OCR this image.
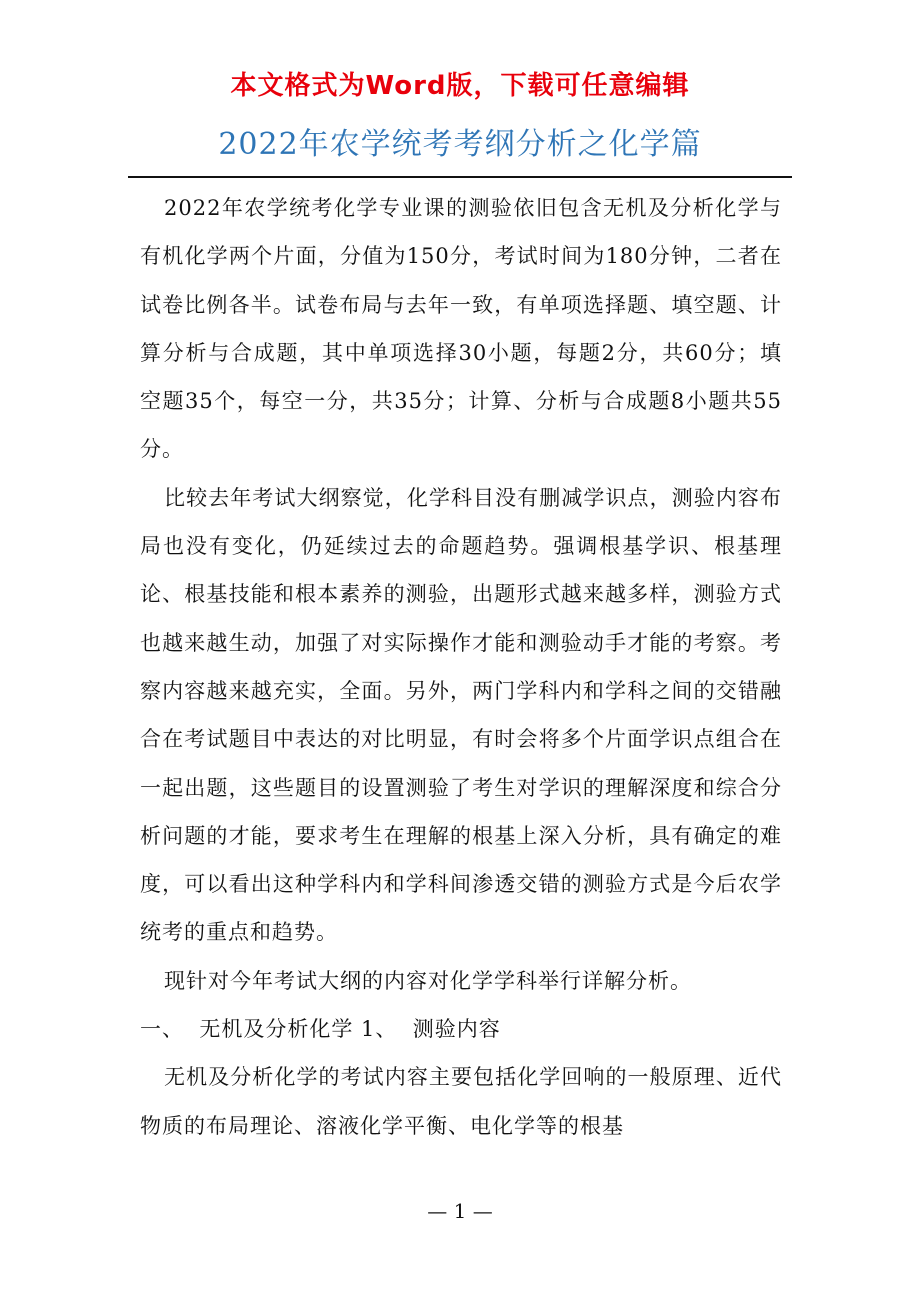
本文格式为Word版，下载可任意编辑
2022年农学统考考纲分析之化学篇

2022年农学统考化学专业课的测验依旧包含无机及分析化学与有机化学两个片面，分值为150分，考试时间为180分钟，二者在试卷比例各半。试卷布局与去年一致，有单项选择题、填空题、计算分析与合成题，其中单项选择30小题，每题2分，共60分；填空题35个，每空一分，共35分；计算、分析与合成题8小题共55分。

比较去年考试大纲察觉，化学科目没有删减学识点，测验内容布局也没有变化，仍延续过去的命题趋势。强调根基学识、根基理论、根基技能和根本素养的测验，出题形式越来越多样，测验方式也越来越生动，加强了对实际操作才能和测验动手才能的考察。考察内容越来越充实，全面。另外，两门学科内和学科之间的交错融合在考试题目中表达的对比明显，有时会将多个片面学识点组合在一起出题，这些题目的设置测验了考生对学识的理解深度和综合分析问题的才能，要求考生在理解的根基上深入分析，具有确定的难度，可以看出这种学科内和学科间渗透交错的测验方式是今后农学统考的重点和趋势。

现针对今年考试大纲的内容对化学学科举行详解分析。

一、  无机及分析化学 1、  测验内容

无机及分析化学的考试内容主要包括化学回响的一般原理、近代物质的布局理论、溶液化学平衡、电化学等的根基

— 1 —
